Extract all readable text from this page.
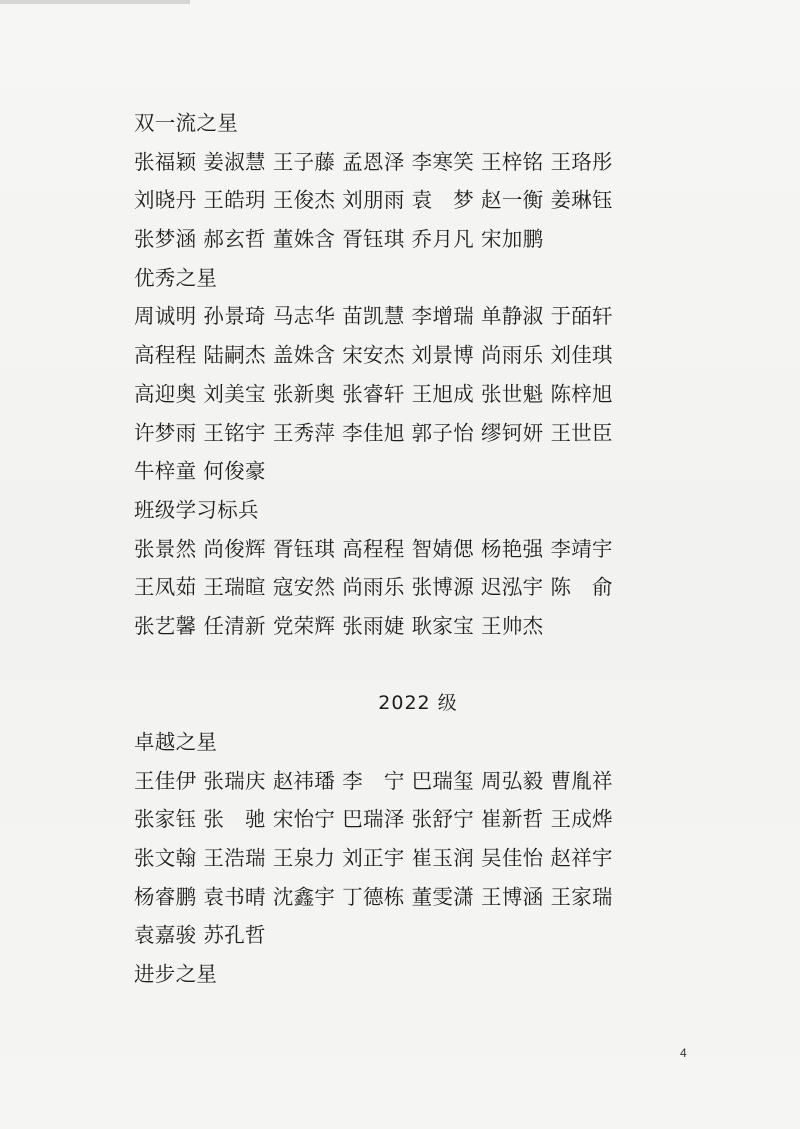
双一流之星
张福颖 姜淑慧 王子藤 孟恩泽 李寒笑 王梓铭 王珞彤
刘晓丹 王皓玥 王俊杰 刘朋雨 袁　梦 赵一衡 姜琳钰
张梦涵 郝玄哲 董姝含 胥钰琪 乔月凡 宋加鹏
优秀之星
周诚明 孙景琦 马志华 苗凯慧 李增瑞 单静淑 于皕轩
高程程 陆嗣杰 盖姝含 宋安杰 刘景博 尚雨乐 刘佳琪
高迎奥 刘美宝 张新奥 张睿轩 王旭成 张世魁 陈梓旭
许梦雨 王铭宇 王秀萍 李佳旭 郭子怡 缪钶妍 王世臣
牛梓童 何俊豪
班级学习标兵
张景然 尚俊辉 胥钰琪 高程程 智婧偲 杨艳强 李靖宇
王凤茹 王瑞暄 寇安然 尚雨乐 张博源 迟泓宇 陈　俞
张艺馨 任清新 党荣辉 张雨婕 耿家宝 王帅杰
2022 级
卓越之星
王佳伊 张瑞庆 赵祎璠 李　宁 巴瑞玺 周弘毅 曹胤祥
张家钰 张　驰 宋怡宁 巴瑞泽 张舒宁 崔新哲 王成烨
张文翰 王浩瑞 王泉力 刘正宇 崔玉润 吴佳怡 赵祥宇
杨睿鹏 袁书晴 沈鑫宇 丁德栋 董雯潇 王博涵 王家瑞
袁嘉骏 苏孔哲
进步之星
4
